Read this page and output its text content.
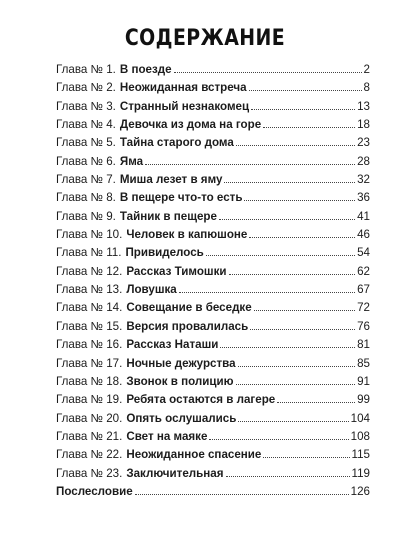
СОДЕРЖАНИЕ
Глава № 1. В поезде	2
Глава № 2. Неожиданная встреча	8
Глава № 3. Странный незнакомец	13
Глава № 4. Девочка из дома на горе	18
Глава № 5. Тайна старого дома	23
Глава № 6. Яма	28
Глава № 7. Миша лезет в яму	32
Глава № 8. В пещере что-то есть	36
Глава № 9. Тайник в пещере	41
Глава № 10. Человек в капюшоне	46
Глава № 11. Привиделось	54
Глава № 12. Рассказ Тимошки	62
Глава № 13. Ловушка	67
Глава № 14. Совещание в беседке	72
Глава № 15. Версия провалилась	76
Глава № 16. Рассказ Наташи	81
Глава № 17. Ночные дежурства	85
Глава № 18. Звонок в полицию	91
Глава № 19. Ребята остаются в лагере	99
Глава № 20. Опять ослушались	104
Глава № 21. Свет на маяке	108
Глава № 22. Неожиданное спасение	115
Глава № 23. Заключительная	119
Послесловие	126
